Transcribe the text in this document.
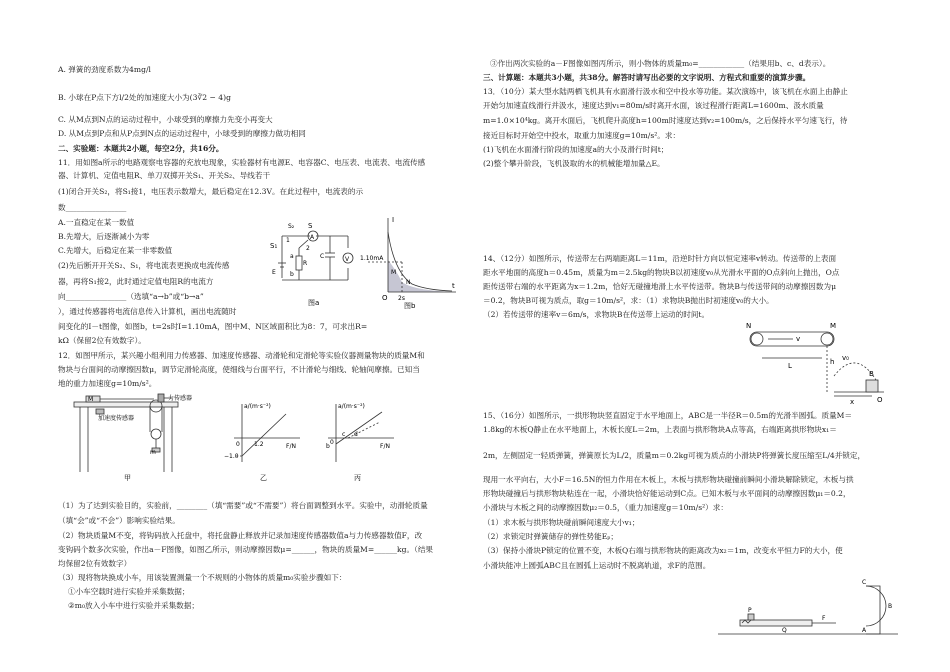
A. 弹簧的劲度系数为4mg/l
B. 小球在P点下方l/2处的加速度大小为(3∛2 − 4)g
C. 从M点到N点的运动过程中，小球受到的摩擦力先变小再变大
D. 从M点到P点和从P点到N点的运动过程中，小球受到的摩擦力做功相同
二、实验题：本题共2小题，每空2分，共16分。
11．用如图a所示的电路观察电容器的充放电现象，实验器材有电源E、电容器C、电压表、电流表、电流传感
器、计算机、定值电阻R、单刀双掷开关S₁、开关S₂、导线若干
(1)闭合开关S₂，将S₁接1，电压表示数增大，最后稳定在12.3V。在此过程中，电流表的示
数________________
A.一直稳定在某一数值
B.先增大，后逐渐减小为零
C.先增大，后稳定在某一非零数值
(2)先后断开开关S₂、S₁，将电流表更换成电流传感
器，再将S₁接2，此时通过定值电阻R的电流方
向________________（选填“a→b”或“b→a”
），通过传感器将电流信息传入计算机，画出电流随时
间变化的I－t图像，如图b，t=2s时I=1.10mA，图中M、N区域面积比为8：7，可求出R=
kΩ（保留2位有效数字）。
12．如图甲所示，某兴趣小组利用力传感器、加速度传感器、动滑轮和定滑轮等实验仪器测量物块的质量M和
物块与台面间的动摩擦因数μ，调节定滑轮高度，使细线与台面平行，不计滑轮与细线、轮轴间摩擦。已知当
地的重力加速度g=10m/s²。
（1）为了达到实验目的，实验前，________（填“需要”或“不需要”）将台面调整到水平。实验中，动滑轮质量
（填“会”或“不会”）影响实验结果。
（2）物块质量M不变，将钩码放入托盘中，将托盘静止释放并记录加速度传感器数值a与力传感器数值F，改
变钩码个数多次实验，作出a－F图像，如图乙所示，则动摩擦因数μ=______，物块的质量M=______kg。（结果
均保留2位有效数字）
（3）现将物块换成小车，用该装置测量一个不规则的小物体的质量m₀实验步骤如下：
①小车空载时进行实验并采集数据；
②m₀放入小车中进行实验并采集数据；
S
S₁
1
2
a
b
R
C
E
A
V
S₂
图a
I
t
O
1.10mA
M
N
2s
图b
M
m
力传感器
加速度传感器
甲
a/(m·s⁻²)
F/N
−1.0
1.2
0
乙
a/(m·s⁻²)
F/N
b
c d
0
丙
③作出两次实验的a－F图像如图丙所示，则小物体的质量m₀=____________（结果用b、c、d表示）。
三、计算题：本题共3小题，共38分。解答时请写出必要的文字说明、方程式和重要的演算步骤。
13．（10分）某大型水陆两栖飞机具有水面滑行汲水和空中投水等功能。某次演练中，该飞机在水面上由静止
开始匀加速直线滑行并汲水，速度达到v₁=80m/s时离开水面，该过程滑行距离L=1600m、汲水质量
m=1.0×10⁴kg。离开水面后，飞机爬升高度h=100m时速度达到v₂=100m/s，之后保持水平匀速飞行，待
接近目标时开始空中投水，取重力加速度g=10m/s²。求：
(1)飞机在水面滑行阶段的加速度a的大小及滑行时间t；
(2)整个攀升阶段，飞机汲取的水的机械能增加量△E。
14、（12分）如图所示，传送带左右两端距离L＝11m，沿逆时针方向以恒定速率v转动。传送带的上表面
距水平地面的高度h＝0.45m，质量为m＝2.5kg的物块B以初速度v₀从光滑水平面的O点斜向上抛出，O点
距传送带右端的水平距离为x＝1.2m，恰好无碰撞地滑上水平传送带。物块B与传送带间的动摩擦因数为μ
＝0.2，物块B可视为质点，取g＝10m/s²，求：（1）求物块B抛出时初速度v₀的大小。
（2）若传送带的速率v＝6m/s，求物块B在传送带上运动的时间t。
N	M
v
L	h v₀
B
O
x
15、（16分）如图所示，一拱形物块竖直固定于水平地面上，ABC是一半径R＝0.5m的光滑半圆弧。质量M＝
1.8kg的木板Q静止在水平地面上，木板长度L＝2m，上表面与拱形物块A点等高，右端距离拱形物块x₁＝
2m，左侧固定一轻质弹簧，弹簧原长为L/2，质量m＝0.2kg可视为质点的小滑块P将弹簧长度压缩至L/4并锁定，
现用一水平向右，大小F＝16.5N的恒力作用在木板上，木板与拱形物块碰撞前瞬间小滑块解除锁定，木板与拱
形物块碰撞后与拱形物块粘连在一起，小滑块恰好能运动到C点。已知木板与水平面间的动摩擦因数μ₁＝0.2，
小滑块与木板之间的动摩擦因数μ₂＝0.5，（重力加速度g＝10m/s²）求：
（1）求木板与拱形物块碰前瞬间速度大小v₁；
（2）求锁定时弹簧储存的弹性势能Eₚ；
（3）保持小滑块P锁定的位置不变，木板Q右端与拱形物块的距离改为x₂＝1m，改变水平恒力F的大小，使
小滑块能冲上圆弧ABC且在圆弧上运动时不脱离轨道，求F的范围。
P
Q
F
A
B
C
